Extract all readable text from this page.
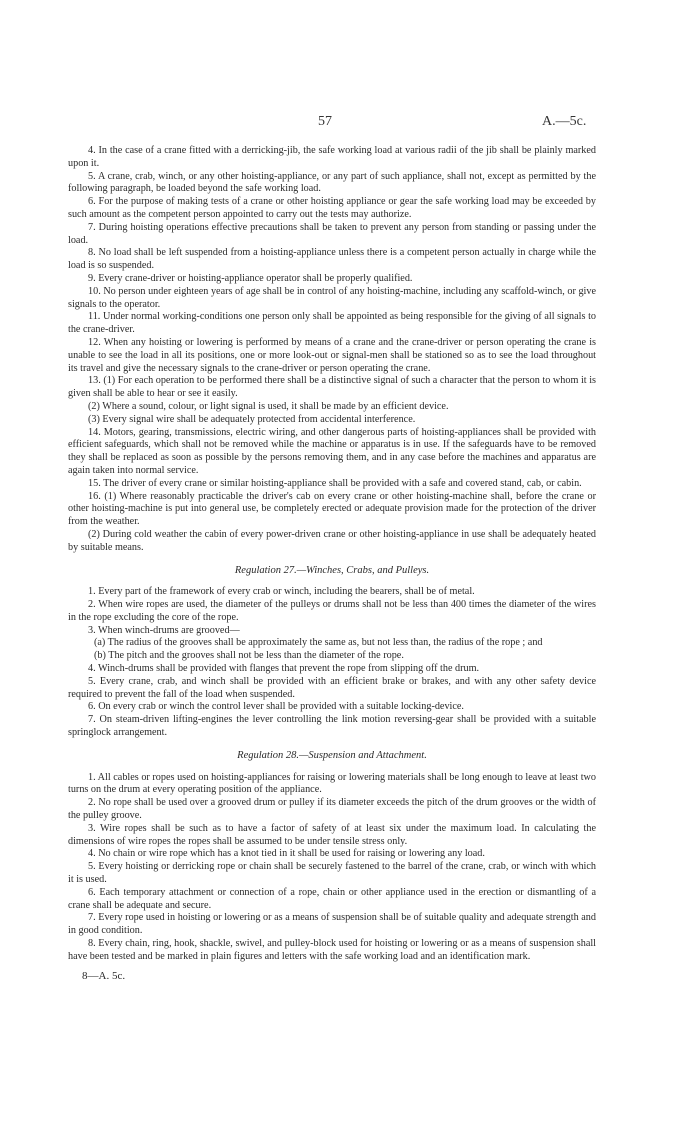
57	A.—5c.

4. In the case of a crane fitted with a derricking-jib, the safe working load at various radii of the jib shall be plainly marked upon it.

5. A crane, crab, winch, or any other hoisting-appliance, or any part of such appliance, shall not, except as permitted by the following paragraph, be loaded beyond the safe working load.

6. For the purpose of making tests of a crane or other hoisting appliance or gear the safe working load may be exceeded by such amount as the competent person appointed to carry out the tests may authorize.

7. During hoisting operations effective precautions shall be taken to prevent any person from standing or passing under the load.

8. No load shall be left suspended from a hoisting-appliance unless there is a competent person actually in charge while the load is so suspended.

9. Every crane-driver or hoisting-appliance operator shall be properly qualified.

10. No person under eighteen years of age shall be in control of any hoisting-machine, including any scaffold-winch, or give signals to the operator.

11. Under normal working-conditions one person only shall be appointed as being responsible for the giving of all signals to the crane-driver.

12. When any hoisting or lowering is performed by means of a crane and the crane-driver or person operating the crane is unable to see the load in all its positions, one or more look-out or signal-men shall be stationed so as to see the load throughout its travel and give the necessary signals to the crane-driver or person operating the crane.

13. (1) For each operation to be performed there shall be a distinctive signal of such a character that the person to whom it is given shall be able to hear or see it easily.

(2) Where a sound, colour, or light signal is used, it shall be made by an efficient device.

(3) Every signal wire shall be adequately protected from accidental interference.

14. Motors, gearing, transmissions, electric wiring, and other dangerous parts of hoisting-appliances shall be provided with efficient safeguards, which shall not be removed while the machine or apparatus is in use. If the safeguards have to be removed they shall be replaced as soon as possible by the persons removing them, and in any case before the machines and apparatus are again taken into normal service.

15. The driver of every crane or similar hoisting-appliance shall be provided with a safe and covered stand, cab, or cabin.

16. (1) Where reasonably practicable the driver's cab on every crane or other hoisting-machine shall, before the crane or other hoisting-machine is put into general use, be completely erected or adequate provision made for the protection of the driver from the weather.

(2) During cold weather the cabin of every power-driven crane or other hoisting-appliance in use shall be adequately heated by suitable means.

Regulation 27.—Winches, Crabs, and Pulleys.

1. Every part of the framework of every crab or winch, including the bearers, shall be of metal.

2. When wire ropes are used, the diameter of the pulleys or drums shall not be less than 400 times the diameter of the wires in the rope excluding the core of the rope.

3. When winch-drums are grooved—

(a) The radius of the grooves shall be approximately the same as, but not less than, the radius of the rope ; and

(b) The pitch and the grooves shall not be less than the diameter of the rope.

4. Winch-drums shall be provided with flanges that prevent the rope from slipping off the drum.

5. Every crane, crab, and winch shall be provided with an efficient brake or brakes, and with any other safety device required to prevent the fall of the load when suspended.

6. On every crab or winch the control lever shall be provided with a suitable locking-device.

7. On steam-driven lifting-engines the lever controlling the link motion reversing-gear shall be provided with a suitable springlock arrangement.

Regulation 28.—Suspension and Attachment.

1. All cables or ropes used on hoisting-appliances for raising or lowering materials shall be long enough to leave at least two turns on the drum at every operating position of the appliance.

2. No rope shall be used over a grooved drum or pulley if its diameter exceeds the pitch of the drum grooves or the width of the pulley groove.

3. Wire ropes shall be such as to have a factor of safety of at least six under the maximum load. In calculating the dimensions of wire ropes the ropes shall be assumed to be under tensile stress only.

4. No chain or wire rope which has a knot tied in it shall be used for raising or lowering any load.

5. Every hoisting or derricking rope or chain shall be securely fastened to the barrel of the crane, crab, or winch with which it is used.

6. Each temporary attachment or connection of a rope, chain or other appliance used in the erection or dismantling of a crane shall be adequate and secure.

7. Every rope used in hoisting or lowering or as a means of suspension shall be of suitable quality and adequate strength and in good condition.

8. Every chain, ring, hook, shackle, swivel, and pulley-block used for hoisting or lowering or as a means of suspension shall have been tested and be marked in plain figures and letters with the safe working load and an identification mark.

8—A. 5c.
